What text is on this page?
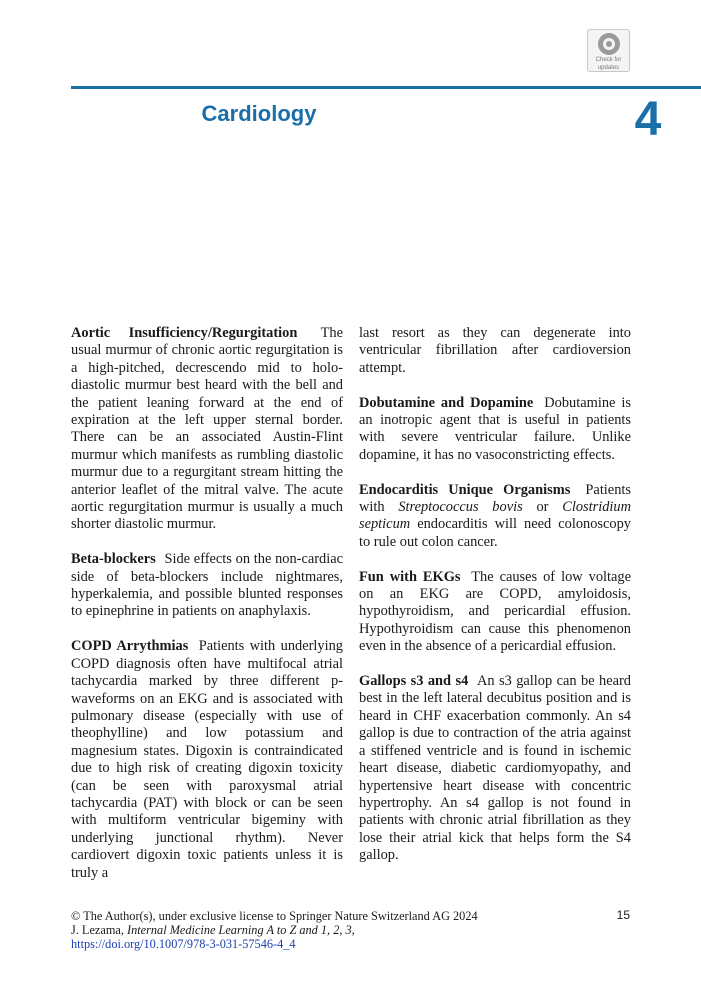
Check for
updates
Cardiology	4

Aortic Insufficiency/Regurgitation The usual murmur of chronic aortic regurgitation is a high-pitched, decrescendo mid to holo-diastolic murmur best heard with the bell and the patient leaning forward at the end of expiration at the left upper sternal border. There can be an associated Austin-Flint murmur which manifests as rumbling diastolic murmur due to a regurgitant stream hitting the anterior leaflet of the mitral valve. The acute aortic regurgitation murmur is usually a much shorter diastolic murmur.

Beta-blockers Side effects on the non-cardiac side of beta-blockers include nightmares, hyperkalemia, and possible blunted responses to epinephrine in patients on anaphylaxis.

COPD Arrythmias Patients with underlying COPD diagnosis often have multifocal atrial tachycardia marked by three different p-waveforms on an EKG and is associated with pulmonary disease (especially with use of theophylline) and low potassium and magnesium states. Digoxin is contraindicated due to high risk of creating digoxin toxicity (can be seen with paroxysmal atrial tachycardia (PAT) with block or can be seen with multiform ventricular bigeminy with underlying junctional rhythm). Never cardiovert digoxin toxic patients unless it is truly a

last resort as they can degenerate into ventricular fibrillation after cardioversion attempt.

Dobutamine and Dopamine Dobutamine is an inotropic agent that is useful in patients with severe ventricular failure. Unlike dopamine, it has no vasoconstricting effects.

Endocarditis Unique Organisms Patients with Streptococcus bovis or Clostridium septicum endocarditis will need colonoscopy to rule out colon cancer.

Fun with EKGs The causes of low voltage on an EKG are COPD, amyloidosis, hypothyroidism, and pericardial effusion. Hypothyroidism can cause this phenomenon even in the absence of a pericardial effusion.

Gallops s3 and s4 An s3 gallop can be heard best in the left lateral decubitus position and is heard in CHF exacerbation commonly. An s4 gallop is due to contraction of the atria against a stiffened ventricle and is found in ischemic heart disease, diabetic cardiomyopathy, and hypertensive heart disease with concentric hypertrophy. An s4 gallop is not found in patients with chronic atrial fibrillation as they lose their atrial kick that helps form the S4 gallop.

© The Author(s), under exclusive license to Springer Nature Switzerland AG 2024

J. Lezama, Internal Medicine Learning A to Z and 1, 2, 3,

https://doi.org/10.1007/978-3-031-57546-4_4
15
